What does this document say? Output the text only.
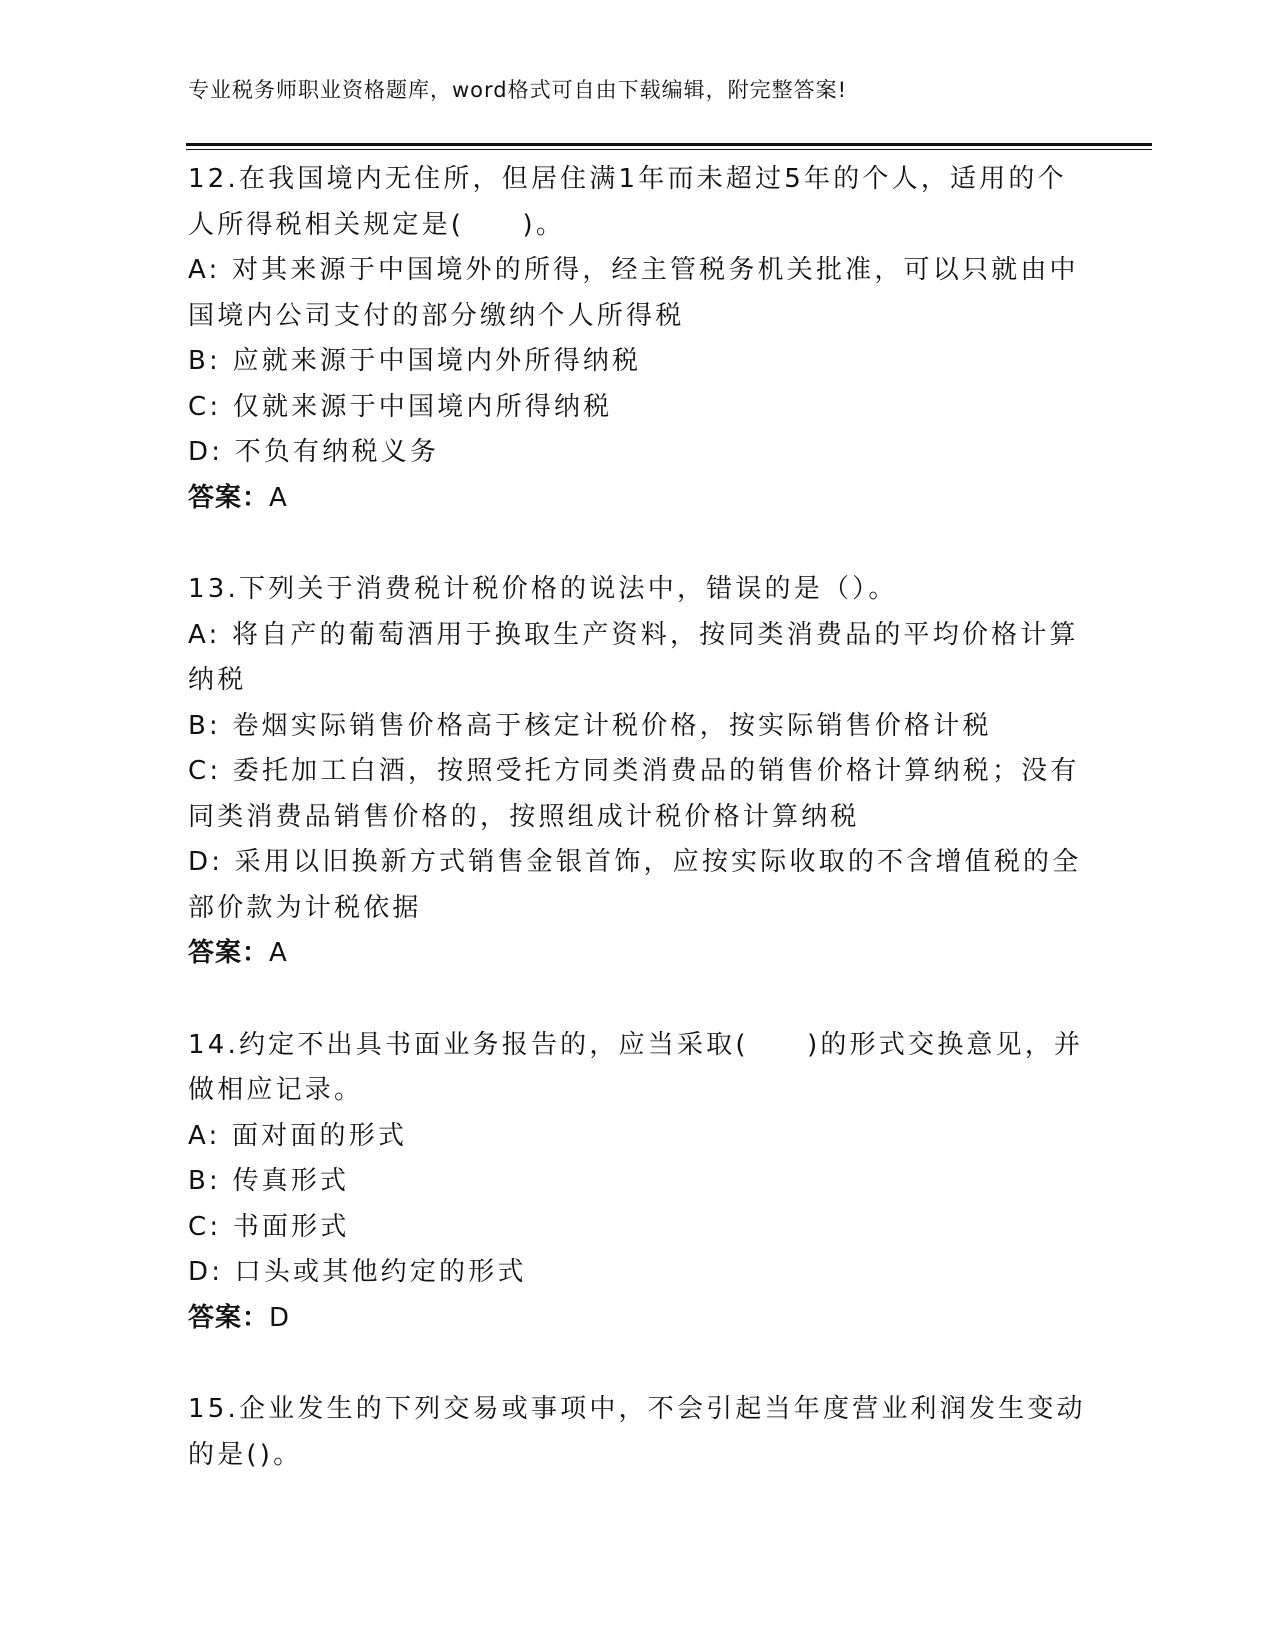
专业税务师职业资格题库，word格式可自由下载编辑，附完整答案!
12.在我国境内无住所，但居住满1年而未超过5年的个人，适用的个
人所得税相关规定是(　　)。
A: 对其来源于中国境外的所得，经主管税务机关批准，可以只就由中
国境内公司支付的部分缴纳个人所得税
B: 应就来源于中国境内外所得纳税
C: 仅就来源于中国境内所得纳税
D: 不负有纳税义务
答案：A
13.下列关于消费税计税价格的说法中，错误的是（）。
A: 将自产的葡萄酒用于换取生产资料，按同类消费品的平均价格计算
纳税
B: 卷烟实际销售价格高于核定计税价格，按实际销售价格计税
C: 委托加工白酒，按照受托方同类消费品的销售价格计算纳税；没有
同类消费品销售价格的，按照组成计税价格计算纳税
D: 采用以旧换新方式销售金银首饰，应按实际收取的不含增值税的全
部价款为计税依据
答案：A
14.约定不出具书面业务报告的，应当采取(　　)的形式交换意见，并
做相应记录。
A: 面对面的形式
B: 传真形式
C: 书面形式
D: 口头或其他约定的形式
答案：D
15.企业发生的下列交易或事项中，不会引起当年度营业利润发生变动
的是()。
